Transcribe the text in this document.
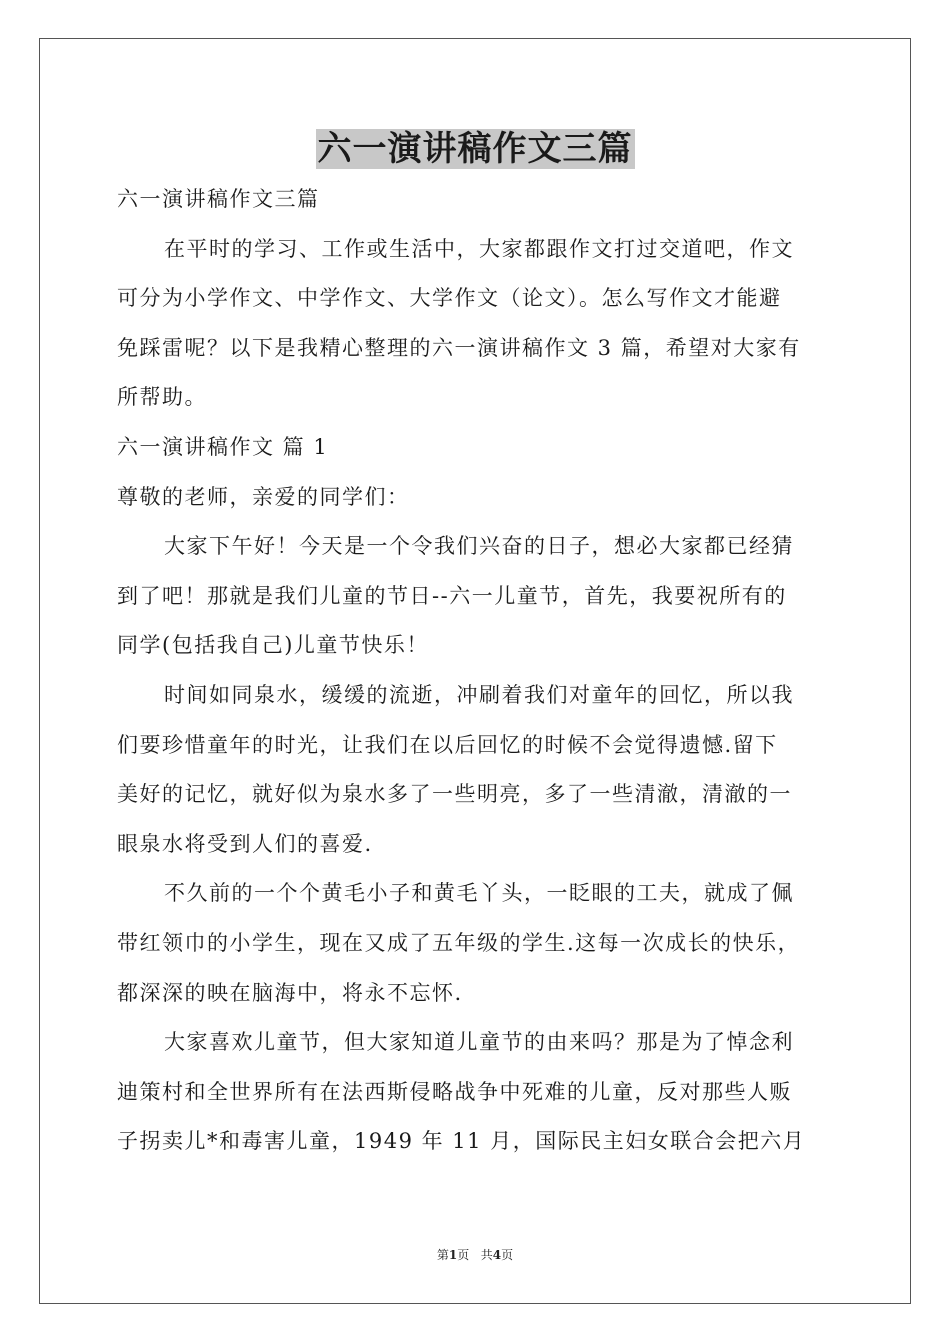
六一演讲稿作文三篇

六一演讲稿作文三篇

在平时的学习、工作或生活中，大家都跟作文打过交道吧，作文

可分为小学作文、中学作文、大学作文（论文）。怎么写作文才能避

免踩雷呢？以下是我精心整理的六一演讲稿作文 3 篇，希望对大家有

所帮助。

六一演讲稿作文 篇 1

尊敬的老师，亲爱的同学们：

大家下午好！今天是一个令我们兴奋的日子，想必大家都已经猜

到了吧！那就是我们儿童的节日--六一儿童节，首先，我要祝所有的

同学(包括我自己)儿童节快乐！

时间如同泉水，缓缓的流逝，冲刷着我们对童年的回忆，所以我

们要珍惜童年的时光，让我们在以后回忆的时候不会觉得遗憾.留下

美好的记忆，就好似为泉水多了一些明亮，多了一些清澈，清澈的一

眼泉水将受到人们的喜爱.

不久前的一个个黄毛小子和黄毛丫头，一眨眼的工夫，就成了佩

带红领巾的小学生，现在又成了五年级的学生.这每一次成长的快乐，

都深深的映在脑海中，将永不忘怀.

大家喜欢儿童节，但大家知道儿童节的由来吗？那是为了悼念利

迪策村和全世界所有在法西斯侵略战争中死难的儿童，反对那些人贩

子拐卖儿*和毒害儿童，1949 年 11 月，国际民主妇女联合会把六月

第1页 共4页
